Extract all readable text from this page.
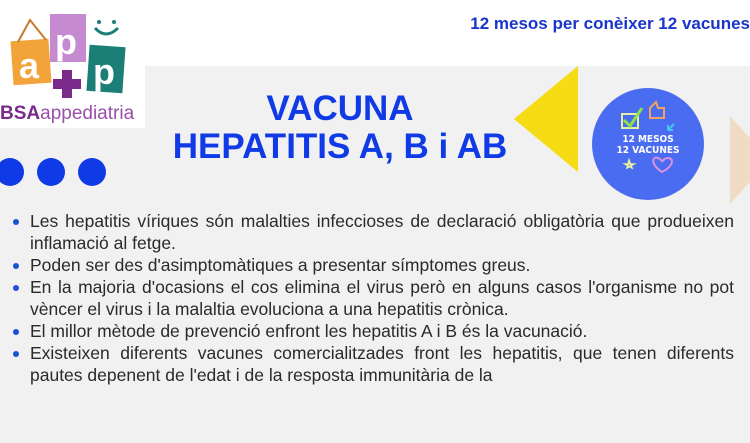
a
p
p
BSAappediatria
12 mesos per conèixer 12 vacunes
VACUNA
HEPATITIS A, B i AB	12 MESOS
12 VACUNES
Les hepatitis víriques són malalties infeccioses de declaració obligatòria que produeixen inflamació al fetge.
Poden ser des d'asimptomàtiques a presentar símptomes greus.
En la majoria d'ocasions el cos elimina el virus però en alguns casos l'organisme no pot vèncer el virus i la malaltia evoluciona a una hepatitis crònica.
El millor mètode de prevenció enfront les hepatitis A i B és la vacunació.
Existeixen diferents vacunes comercialitzades front les hepatitis, que tenen diferents pautes depenent de l'edat i de la resposta immunitària de la
